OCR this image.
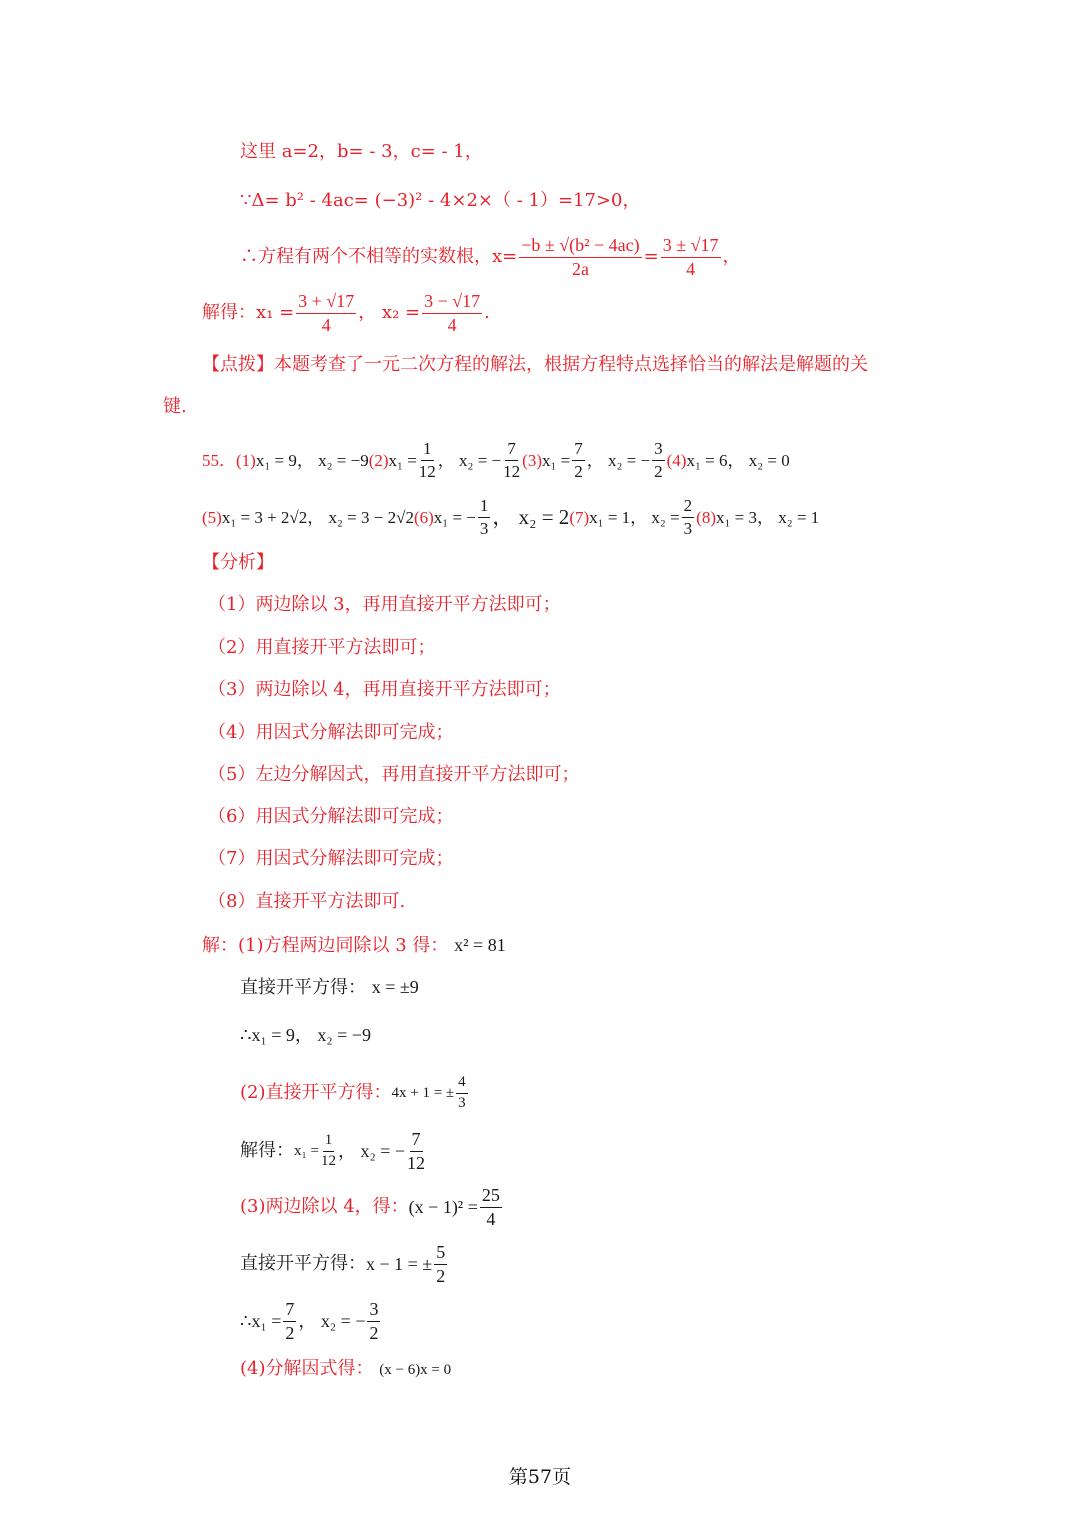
这里 a=2，b= - 3，c= - 1，
∵Δ= b² - 4ac= (−3)² - 4×2×（ - 1）=17>0，
∴方程有两个不相等的实数根，$x= \frac{\text{−b ± √(b² − 4ac)}}{2a} = \frac{3 \pm √17}{4}$ ，
解得：$x_1 = \frac{3 + √17}{4}$ ， $x_2 = \frac{3 - √17}{4}$ .
【点拨】本题考查了一元二次方程的解法，根据方程特点选择恰当的解法是解题的关
键.
55． (1) x₁ = 9， x₂ = −9 (2) $x_1 = \frac{1}{12}$ ， x₂ = − $\frac{7}{12} (3) x_1 = \frac{7}{2}$ ， x₂ = − $\frac{3}{2} (4) x_1 = 6$， x₂ = 0
(5) x₁ = 3 + 2√2， x₂ = 3 − 2√2 (6) x₁ = − $\frac{1}{3}$ ， x₂ = 2 (7) x₁ = 1， $x_2 = \frac{2}{3} (8) x_1 = 3$， x₂ = 1
【分析】
（1）两边除以 3，再用直接开平方法即可；
（2）用直接开平方法即可；
（3）两边除以 4，再用直接开平方法即可；
（4）用因式分解法即可完成；
（5）左边分解因式，再用直接开平方法即可；
（6）用因式分解法即可完成；
（7）用因式分解法即可完成；
（8）直接开平方法即可.
解：(1)方程两边同除以 3 得： x² = 81
直接开平方得： x = ±9
∴x₁ = 9， x₂ = −9
(2)直接开平方得： 4x + 1 = ± $\frac{4}{3}$
解得： $x_1 = \frac{1}{12}$ ， x₂ = − $\frac{7}{12}$
(3)两边除以 4，得： $(x - 1)^2 = \frac{25}{4}$
直接开平方得： x − 1 = ± $\frac{5}{2}$
∴x₁ = $\frac{7}{2}$ ， x₂ = − $\frac{3}{2}$
(4)分解因式得： (x − 6)x = 0
第57页
